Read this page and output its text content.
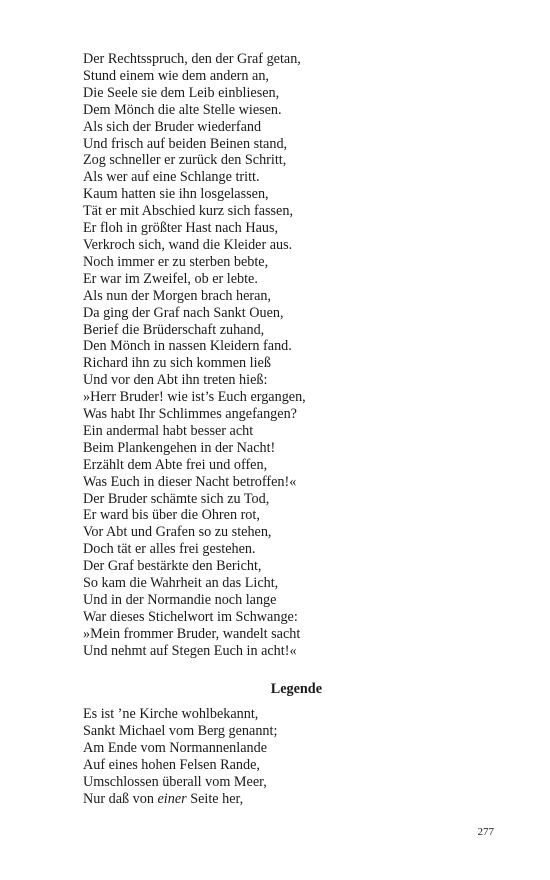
Der Rechtsspruch, den der Graf getan,
Stund einem wie dem andern an,
Die Seele sie dem Leib einbliesen,
Dem Mönch die alte Stelle wiesen.
Als sich der Bruder wiederfand
Und frisch auf beiden Beinen stand,
Zog schneller er zurück den Schritt,
Als wer auf eine Schlange tritt.
Kaum hatten sie ihn losgelassen,
Tät er mit Abschied kurz sich fassen,
Er floh in größter Hast nach Haus,
Verkroch sich, wand die Kleider aus.
Noch immer er zu sterben bebte,
Er war im Zweifel, ob er lebte.
Als nun der Morgen brach heran,
Da ging der Graf nach Sankt Ouen,
Berief die Brüderschaft zuhand,
Den Mönch in nassen Kleidern fand.
Richard ihn zu sich kommen ließ
Und vor den Abt ihn treten hieß:
»Herr Bruder! wie ist’s Euch ergangen,
Was habt Ihr Schlimmes angefangen?
Ein andermal habt besser acht
Beim Plankengehen in der Nacht!
Erzählt dem Abte frei und offen,
Was Euch in dieser Nacht betroffen!«
Der Bruder schämte sich zu Tod,
Er ward bis über die Ohren rot,
Vor Abt und Grafen so zu stehen,
Doch tät er alles frei gestehen.
Der Graf bestärkte den Bericht,
So kam die Wahrheit an das Licht,
Und in der Normandie noch lange
War dieses Stichelwort im Schwange:
»Mein frommer Bruder, wandelt sacht
Und nehmt auf Stegen Euch in acht!«
Legende
Es ist ’ne Kirche wohlbekannt,
Sankt Michael vom Berg genannt;
Am Ende vom Normannenlande
Auf eines hohen Felsen Rande,
Umschlossen überall vom Meer,
Nur daß von einer Seite her,
277
